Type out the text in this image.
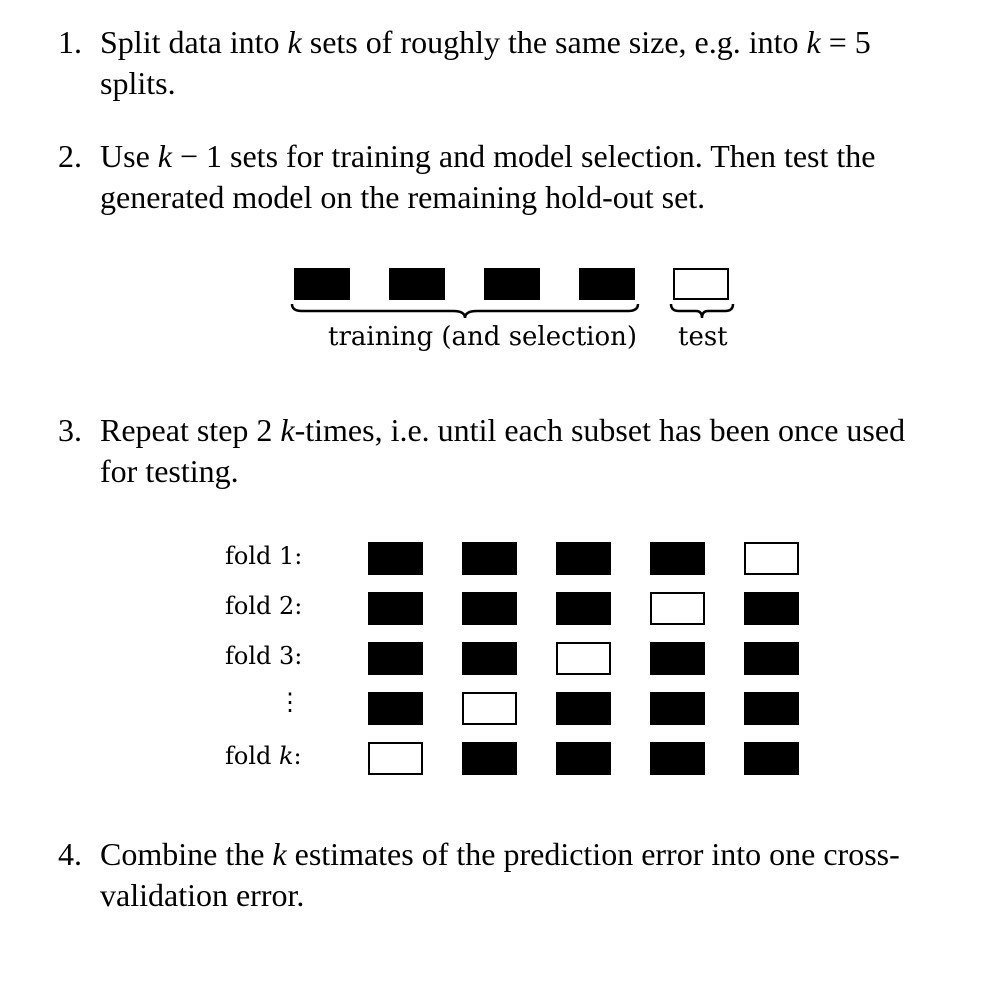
1. Split data into k sets of roughly the same size, e.g. into k = 5
splits.
2. Use k − 1 sets for training and model selection. Then test the
generated model on the remaining hold-out set.
training (and selection) test
3. Repeat step 2 k-times, i.e. until each subset has been once used
for testing.
fold 1:
fold 2:
fold 3:
⋮
fold k:
4. Combine the k estimates of the prediction error into one cross-
validation error.
